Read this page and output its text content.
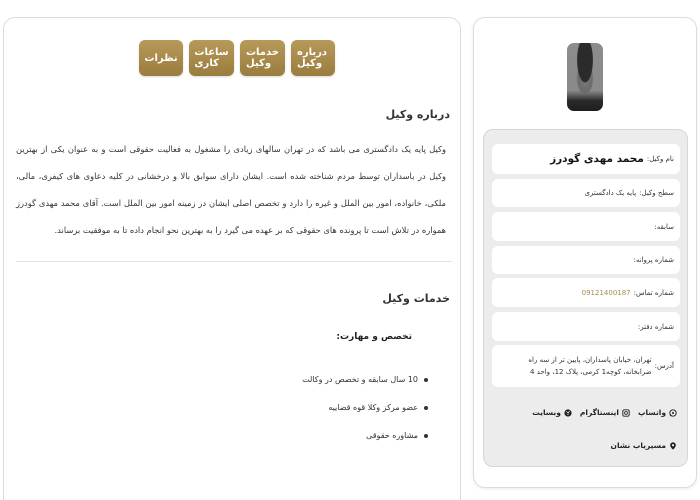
درباره وکیل
خدمات وکیل
ساعات کاری
نظرات
درباره وکیل

وکیل پایه یک دادگستری می باشد که در تهران سالهای زیادی را مشغول به فعالیت حقوقی است و به عنوان یکی از بهترین وکیل در باسداران توسط مردم شناخته شده است. ایشان دارای سوابق بالا و درخشانی در کلیه دعاوی های کیفری، مالی، ملکی، خانواده، امور بین الملل و غیره را دارد و تخصص اصلی ایشان در زمینه امور بین الملل است. آقای محمد مهدی گودرز همواره در تلاش است تا پرونده های حقوقی که بر عهده می گیرد را به بهترین نحو انجام داده تا به موفقیت برساند.

خدمات وکیل
تخصص و مهارت:
10 سال سابقه و تخصص در وکالت
عضو مرکز وکلا قوه قضاییه
مشاوره حقوقی
نام وکیل:
محمد مهدی گودرز
سطح وکیل:
پایه یک دادگستری
سابقه:
شماره پروانه:
شماره تماس:
09121400187
شماره دفتر:
آدرس:
تهران، خیابان پاسداران، پایین تر از سه راه ضرابخانه، کوچه1 کرمی، پلاک 12، واحد 4
واتساپ
اینستاگرام
وبسایت
مسیریاب نشان
